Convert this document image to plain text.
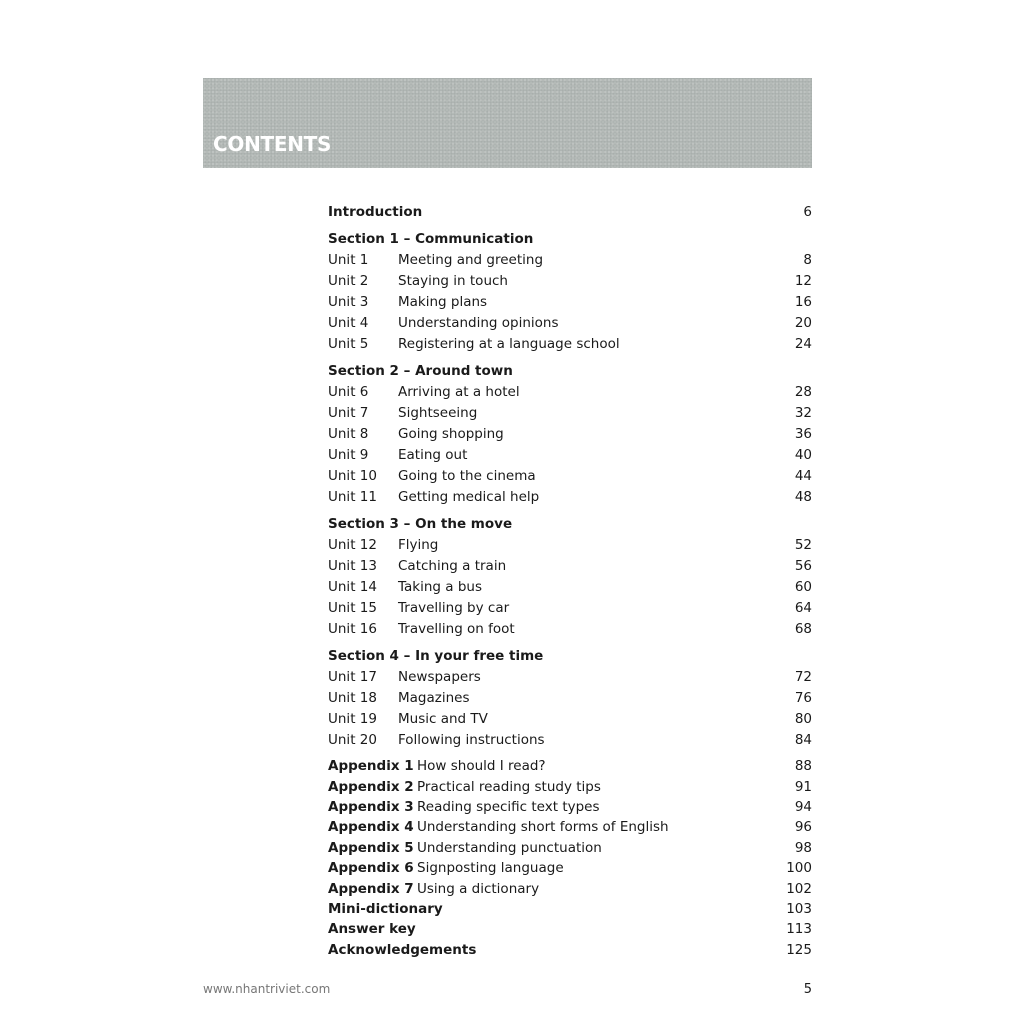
CONTENTS
Introduction	6
Section 1 – Communication
Unit 1	Meeting and greeting	8
Unit 2	Staying in touch	12
Unit 3	Making plans	16
Unit 4	Understanding opinions	20
Unit 5	Registering at a language school	24
Section 2 – Around town
Unit 6	Arriving at a hotel	28
Unit 7	Sightseeing	32
Unit 8	Going shopping	36
Unit 9	Eating out	40
Unit 10	Going to the cinema	44
Unit 11	Getting medical help	48
Section 3 – On the move
Unit 12	Flying	52
Unit 13	Catching a train	56
Unit 14	Taking a bus	60
Unit 15	Travelling by car	64
Unit 16	Travelling on foot	68
Section 4 – In your free time
Unit 17	Newspapers	72
Unit 18	Magazines	76
Unit 19	Music and TV	80
Unit 20	Following instructions	84
Appendix 1 How should I read?	88
Appendix 2 Practical reading study tips	91
Appendix 3 Reading specific text types	94
Appendix 4 Understanding short forms of English	96
Appendix 5 Understanding punctuation	98
Appendix 6 Signposting language	100
Appendix 7 Using a dictionary	102
Mini-dictionary	103
Answer key	113
Acknowledgements	125
www.nhantriviet.com	5
